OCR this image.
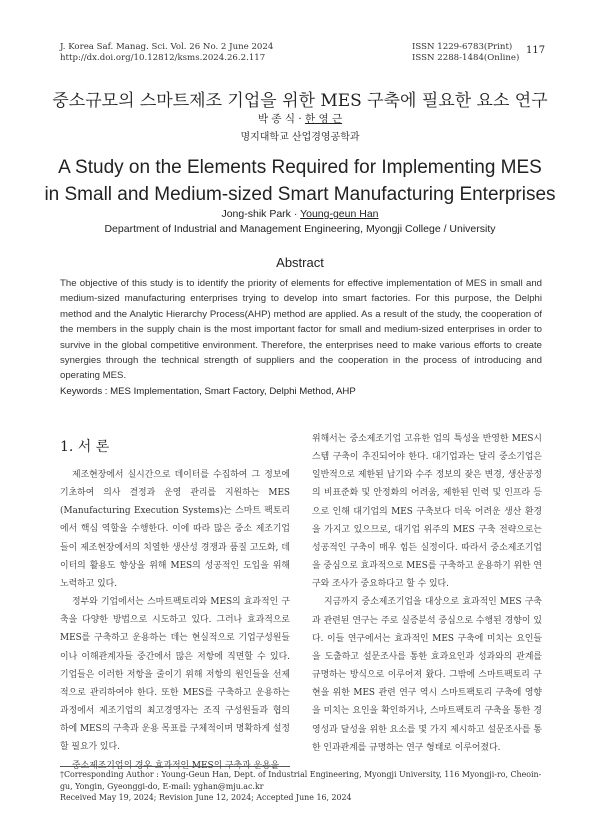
J. Korea Saf. Manag. Sci. Vol. 26 No. 2 June 2024
http://dx.doi.org/10.12812/ksms.2024.26.2.117
ISSN 1229-6783(Print)
ISSN 2288-1484(Online)
117
중소규모의 스마트제조 기업을 위한 MES 구축에 필요한 요소 연구
박 종 식 · 한 영 근
명지대학교 산업경영공학과
A Study on the Elements Required for Implementing MES
in Small and Medium-sized Smart Manufacturing Enterprises
Jong-shik Park · Young-geun Han
Department of Industrial and Management Engineering, Myongji College / University
Abstract
The objective of this study is to identify the priority of elements for effective implementation of MES in small and medium-sized manufacturing enterprises trying to develop into smart factories. For this purpose, the Delphi method and the Analytic Hierarchy Process(AHP) method are applied. As a result of the study, the cooperation of the members in the supply chain is the most important factor for small and medium-sized enterprises in order to survive in the global competitive environment. Therefore, the enterprises need to make various efforts to create synergies through the technical strength of suppliers and the cooperation in the process of introducing and operating MES.
Keywords : MES Implementation, Smart Factory, Delphi Method, AHP
1. 서 론

제조현장에서 실시간으로 데이터를 수집하여 그 정보에 기초하여 의사 결정과 운영 관리를 지원하는 MES (Manufacturing Execution Systems)는 스마트 팩토리에서 핵심 역할을 수행한다. 이에 따라 많은 중소 제조기업들이 제조현장에서의 치열한 생산성 경쟁과 품질 고도화, 데이터의 활용도 향상을 위해 MES의 성공적인 도입을 위해 노력하고 있다.

정부와 기업에서는 스마트팩토리와 MES의 효과적인 구축을 다양한 방법으로 시도하고 있다. 그러나 효과적으로 MES를 구축하고 운용하는 데는 현실적으로 기업구성원들이나 이해관계자들 중간에서 많은 저항에 직면할 수 있다. 기업들은 이러한 저항을 줄이기 위해 저항의 원인들을 선제적으로 관리하여야 한다. 또한 MES를 구축하고 운용하는 과정에서 제조기업의 최고경영자는 조직 구성원들과 협의 하에 MES의 구축과 운용 목표를 구체적이며 명확하게 설정할 필요가 있다.

중소제조기업의 경우 효과적인 MES의 구축과 운용을

위해서는 중소제조기업 고유한 업의 특성을 반영한 MES시스템 구축이 추진되어야 한다. 대기업과는 달리 중소기업은 일반적으로 제한된 납기와 수주 정보의 잦은 변경, 생산공정의 비표준화 및 안정화의 어려움, 제한된 인력 및 인프라 등으로 인해 대기업의 MES 구축보다 더욱 어려운 생산 환경을 가지고 있으므로, 대기업 위주의 MES 구축 전략으로는 성공적인 구축이 매우 힘든 실정이다. 따라서 중소제조기업을 중심으로 효과적으로 MES를 구축하고 운용하기 위한 연구와 조사가 중요하다고 할 수 있다.

지금까지 중소제조기업을 대상으로 효과적인 MES 구축과 관련된 연구는 주로 실증분석 중심으로 수행된 경향이 있다. 이들 연구에서는 효과적인 MES 구축에 미치는 요인들을 도출하고 설문조사를 통한 효과요인과 성과와의 관계를 규명하는 방식으로 이루어져 왔다. 그밖에 스마트팩토리 구현을 위한 MES 관련 연구 역시 스마트팩토리 구축에 영향을 미치는 요인을 확인하거나, 스마트팩토리 구축을 통한 경영성과 달성을 위한 요소를 몇 가지 제시하고 설문조사를 통한 인과관계를 규명하는 연구 형태로 이루어졌다.

†Corresponding Author : Young-Geun Han, Dept. of Industrial Engineering, Myongji University, 116 Myongji-ro, Cheoin-gu, Yongin, Gyeonggi-do, E-mail: yghan@mju.ac.kr
Received May 19, 2024; Revision June 12, 2024; Accepted June 16, 2024
